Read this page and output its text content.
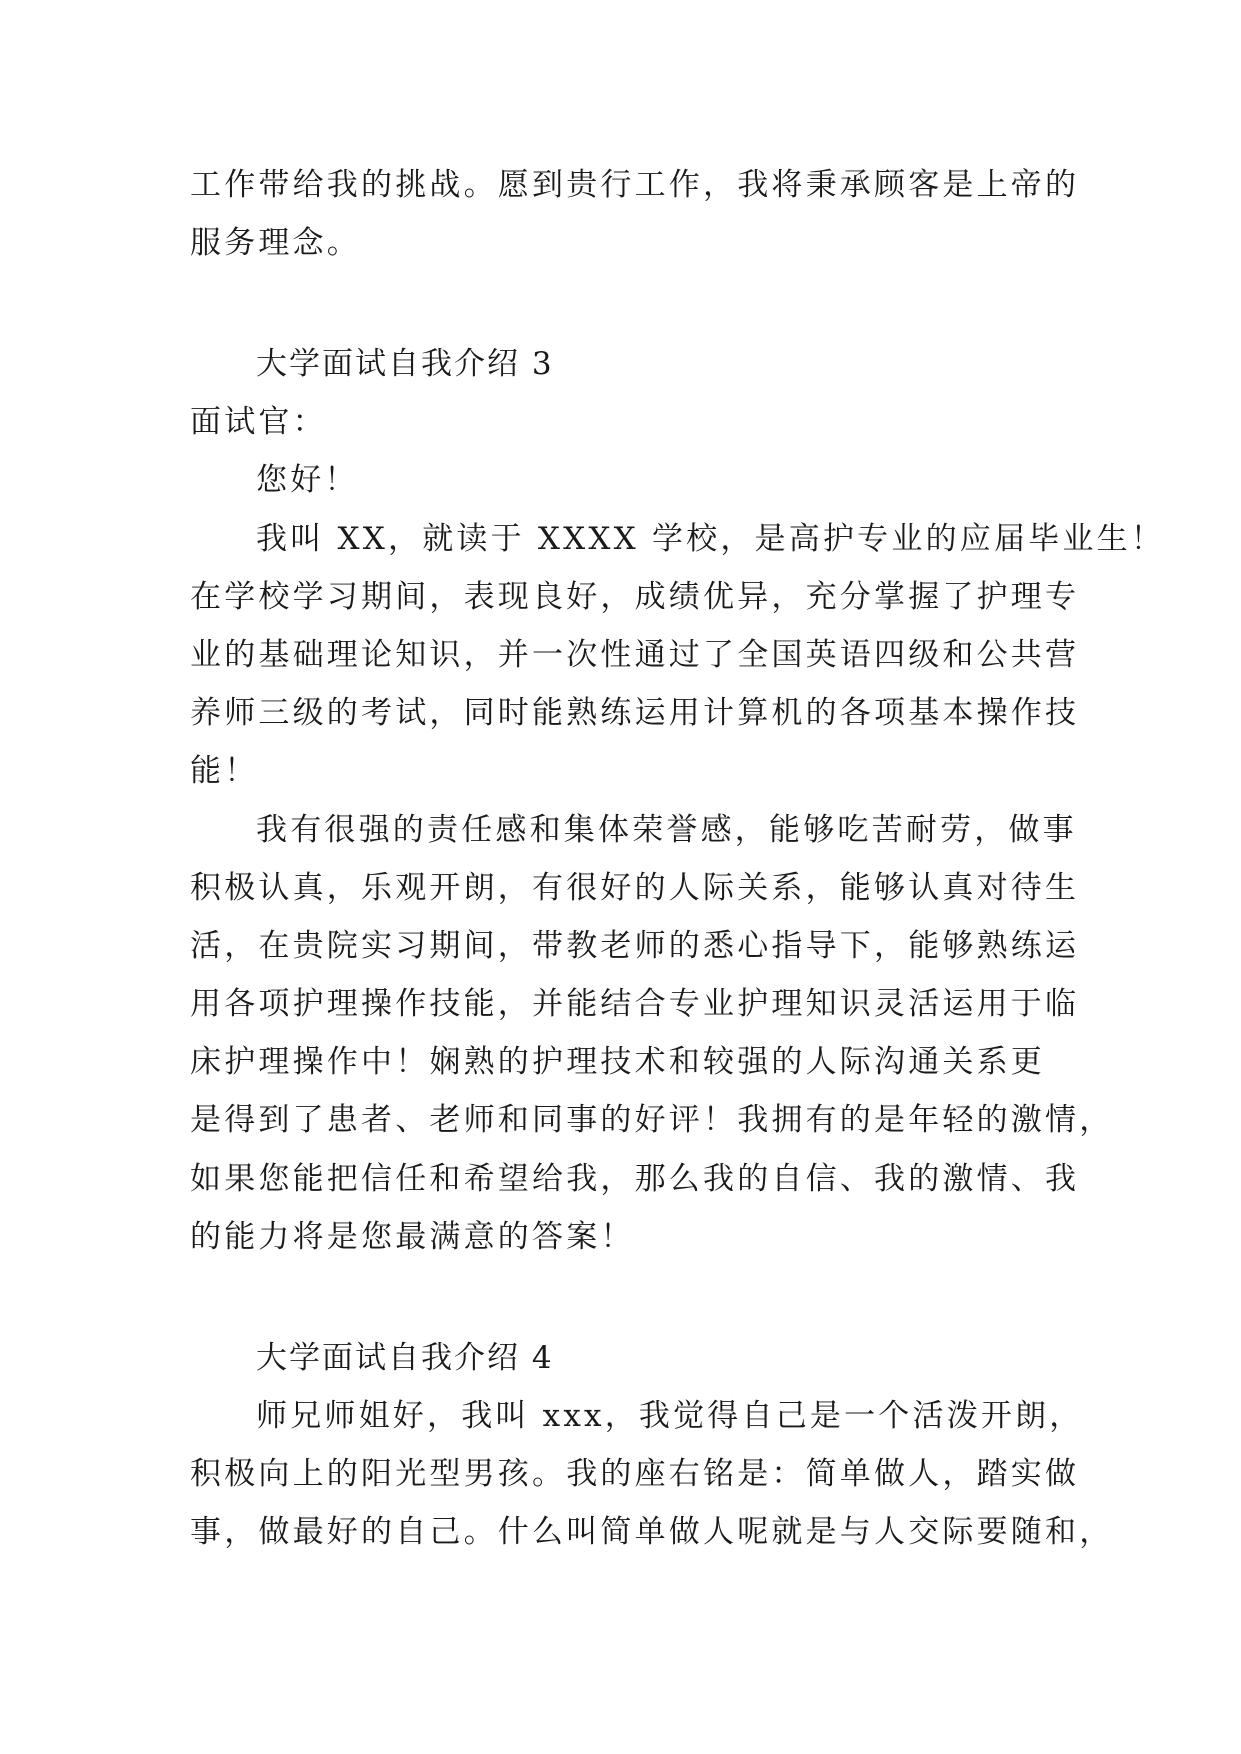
工作带给我的挑战。愿到贵行工作，我将秉承顾客是上帝的
服务理念。
大学面试自我介绍 3
面试官：
您好！
我叫 XX，就读于 XXXX 学校，是高护专业的应届毕业生！
在学校学习期间，表现良好，成绩优异，充分掌握了护理专
业的基础理论知识，并一次性通过了全国英语四级和公共营
养师三级的考试，同时能熟练运用计算机的各项基本操作技
能！
我有很强的责任感和集体荣誉感，能够吃苦耐劳，做事
积极认真，乐观开朗，有很好的人际关系，能够认真对待生
活，在贵院实习期间，带教老师的悉心指导下，能够熟练运
用各项护理操作技能，并能结合专业护理知识灵活运用于临
床护理操作中！娴熟的护理技术和较强的人际沟通关系更
是得到了患者、老师和同事的好评！我拥有的是年轻的激情，
如果您能把信任和希望给我，那么我的自信、我的激情、我
的能力将是您最满意的答案！
大学面试自我介绍 4
师兄师姐好，我叫 xxx，我觉得自己是一个活泼开朗，
积极向上的阳光型男孩。我的座右铭是：简单做人，踏实做
事，做最好的自己。什么叫简单做人呢就是与人交际要随和，
